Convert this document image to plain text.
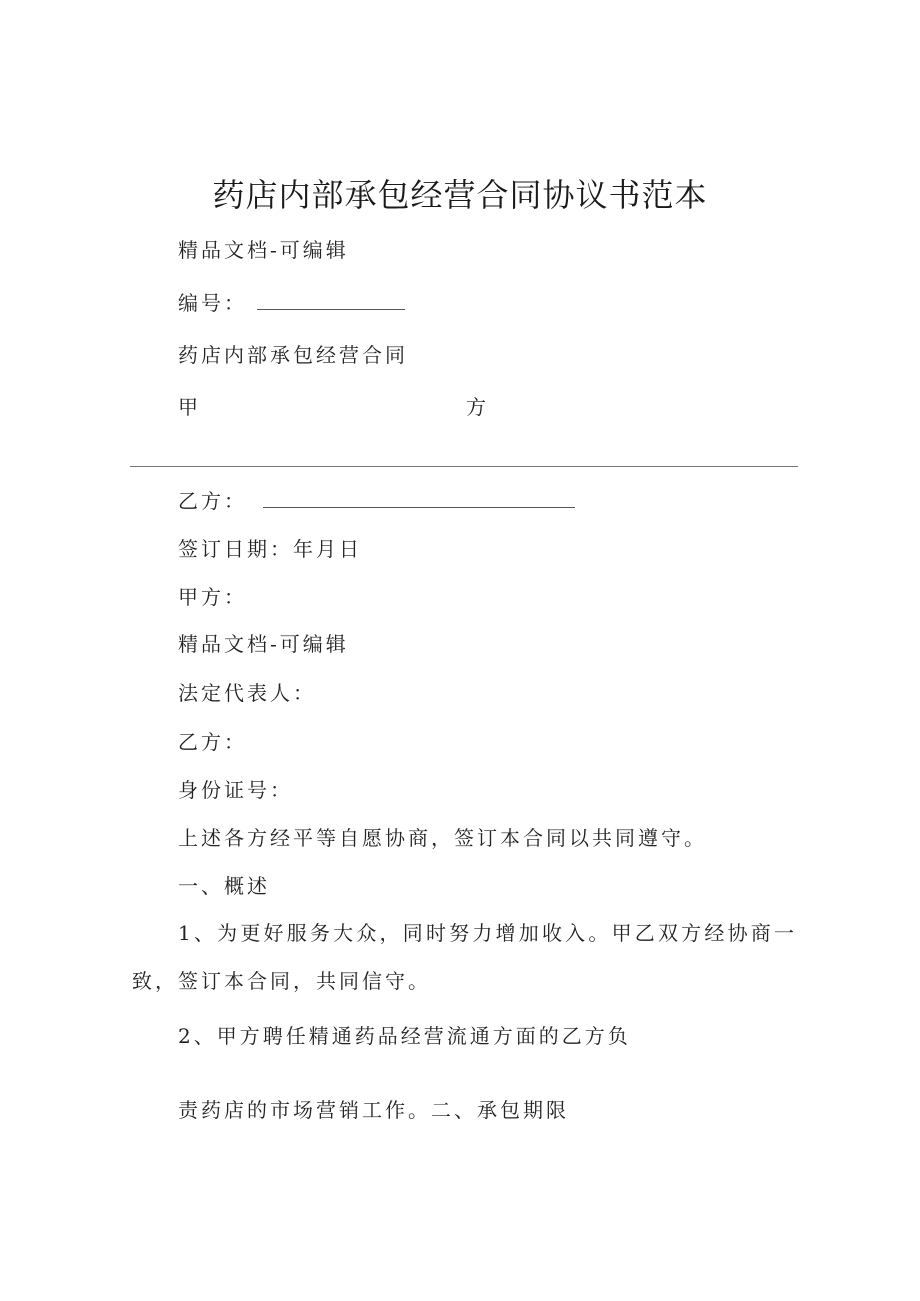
药店内部承包经营合同协议书范本
精品文档-可编辑
编号：
药店内部承包经营合同
甲	方
乙方：
签订日期：年月日
甲方：
精品文档-可编辑
法定代表人：
乙方：
身份证号：
上述各方经平等自愿协商，签订本合同以共同遵守。
一、概述
1、为更好服务大众，同时努力增加收入。甲乙双方经协商一致，签订本合同，共同信守。
2、甲方聘任精通药品经营流通方面的乙方负
责药店的市场营销工作。二、承包期限
